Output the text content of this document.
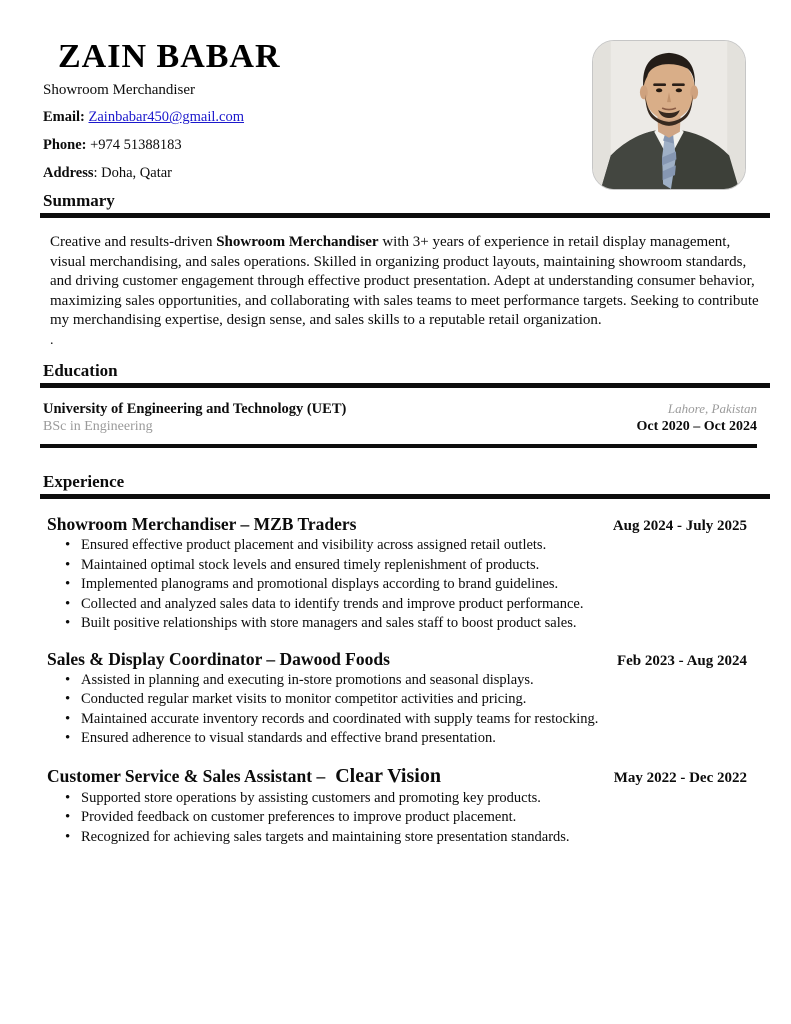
ZAIN BABAR
Showroom Merchandiser
Email: Zainbabar450@gmail.com
Phone: +974 51388183
Address: Doha, Qatar
Summary

Creative and results-driven Showroom Merchandiser with 3+ years of experience in retail display management, visual merchandising, and sales operations. Skilled in organizing product layouts, maintaining showroom standards, and driving customer engagement through effective product presentation. Adept at understanding consumer behavior, maximizing sales opportunities, and collaborating with sales teams to meet performance targets. Seeking to contribute my merchandising expertise, design sense, and sales skills to a reputable retail organization.

.
Education
University of Engineering and Technology (UET)	Lahore, Pakistan
BSc in Engineering	Oct 2020 – Oct 2024
Experience
Showroom Merchandiser – MZB Traders	Aug 2024 - July 2025
• Ensured effective product placement and visibility across assigned retail outlets.
• Maintained optimal stock levels and ensured timely replenishment of products.
• Implemented planograms and promotional displays according to brand guidelines.
• Collected and analyzed sales data to identify trends and improve product performance.
• Built positive relationships with store managers and sales staff to boost product sales.
Sales & Display Coordinator – Dawood Foods	Feb 2023 - Aug 2024
• Assisted in planning and executing in-store promotions and seasonal displays.
• Conducted regular market visits to monitor competitor activities and pricing.
• Maintained accurate inventory records and coordinated with supply teams for restocking.
• Ensured adherence to visual standards and effective brand presentation.
Customer Service & Sales Assistant – Clear Vision	May 2022 - Dec 2022
• Supported store operations by assisting customers and promoting key products.
• Provided feedback on customer preferences to improve product placement.
• Recognized for achieving sales targets and maintaining store presentation standards.
